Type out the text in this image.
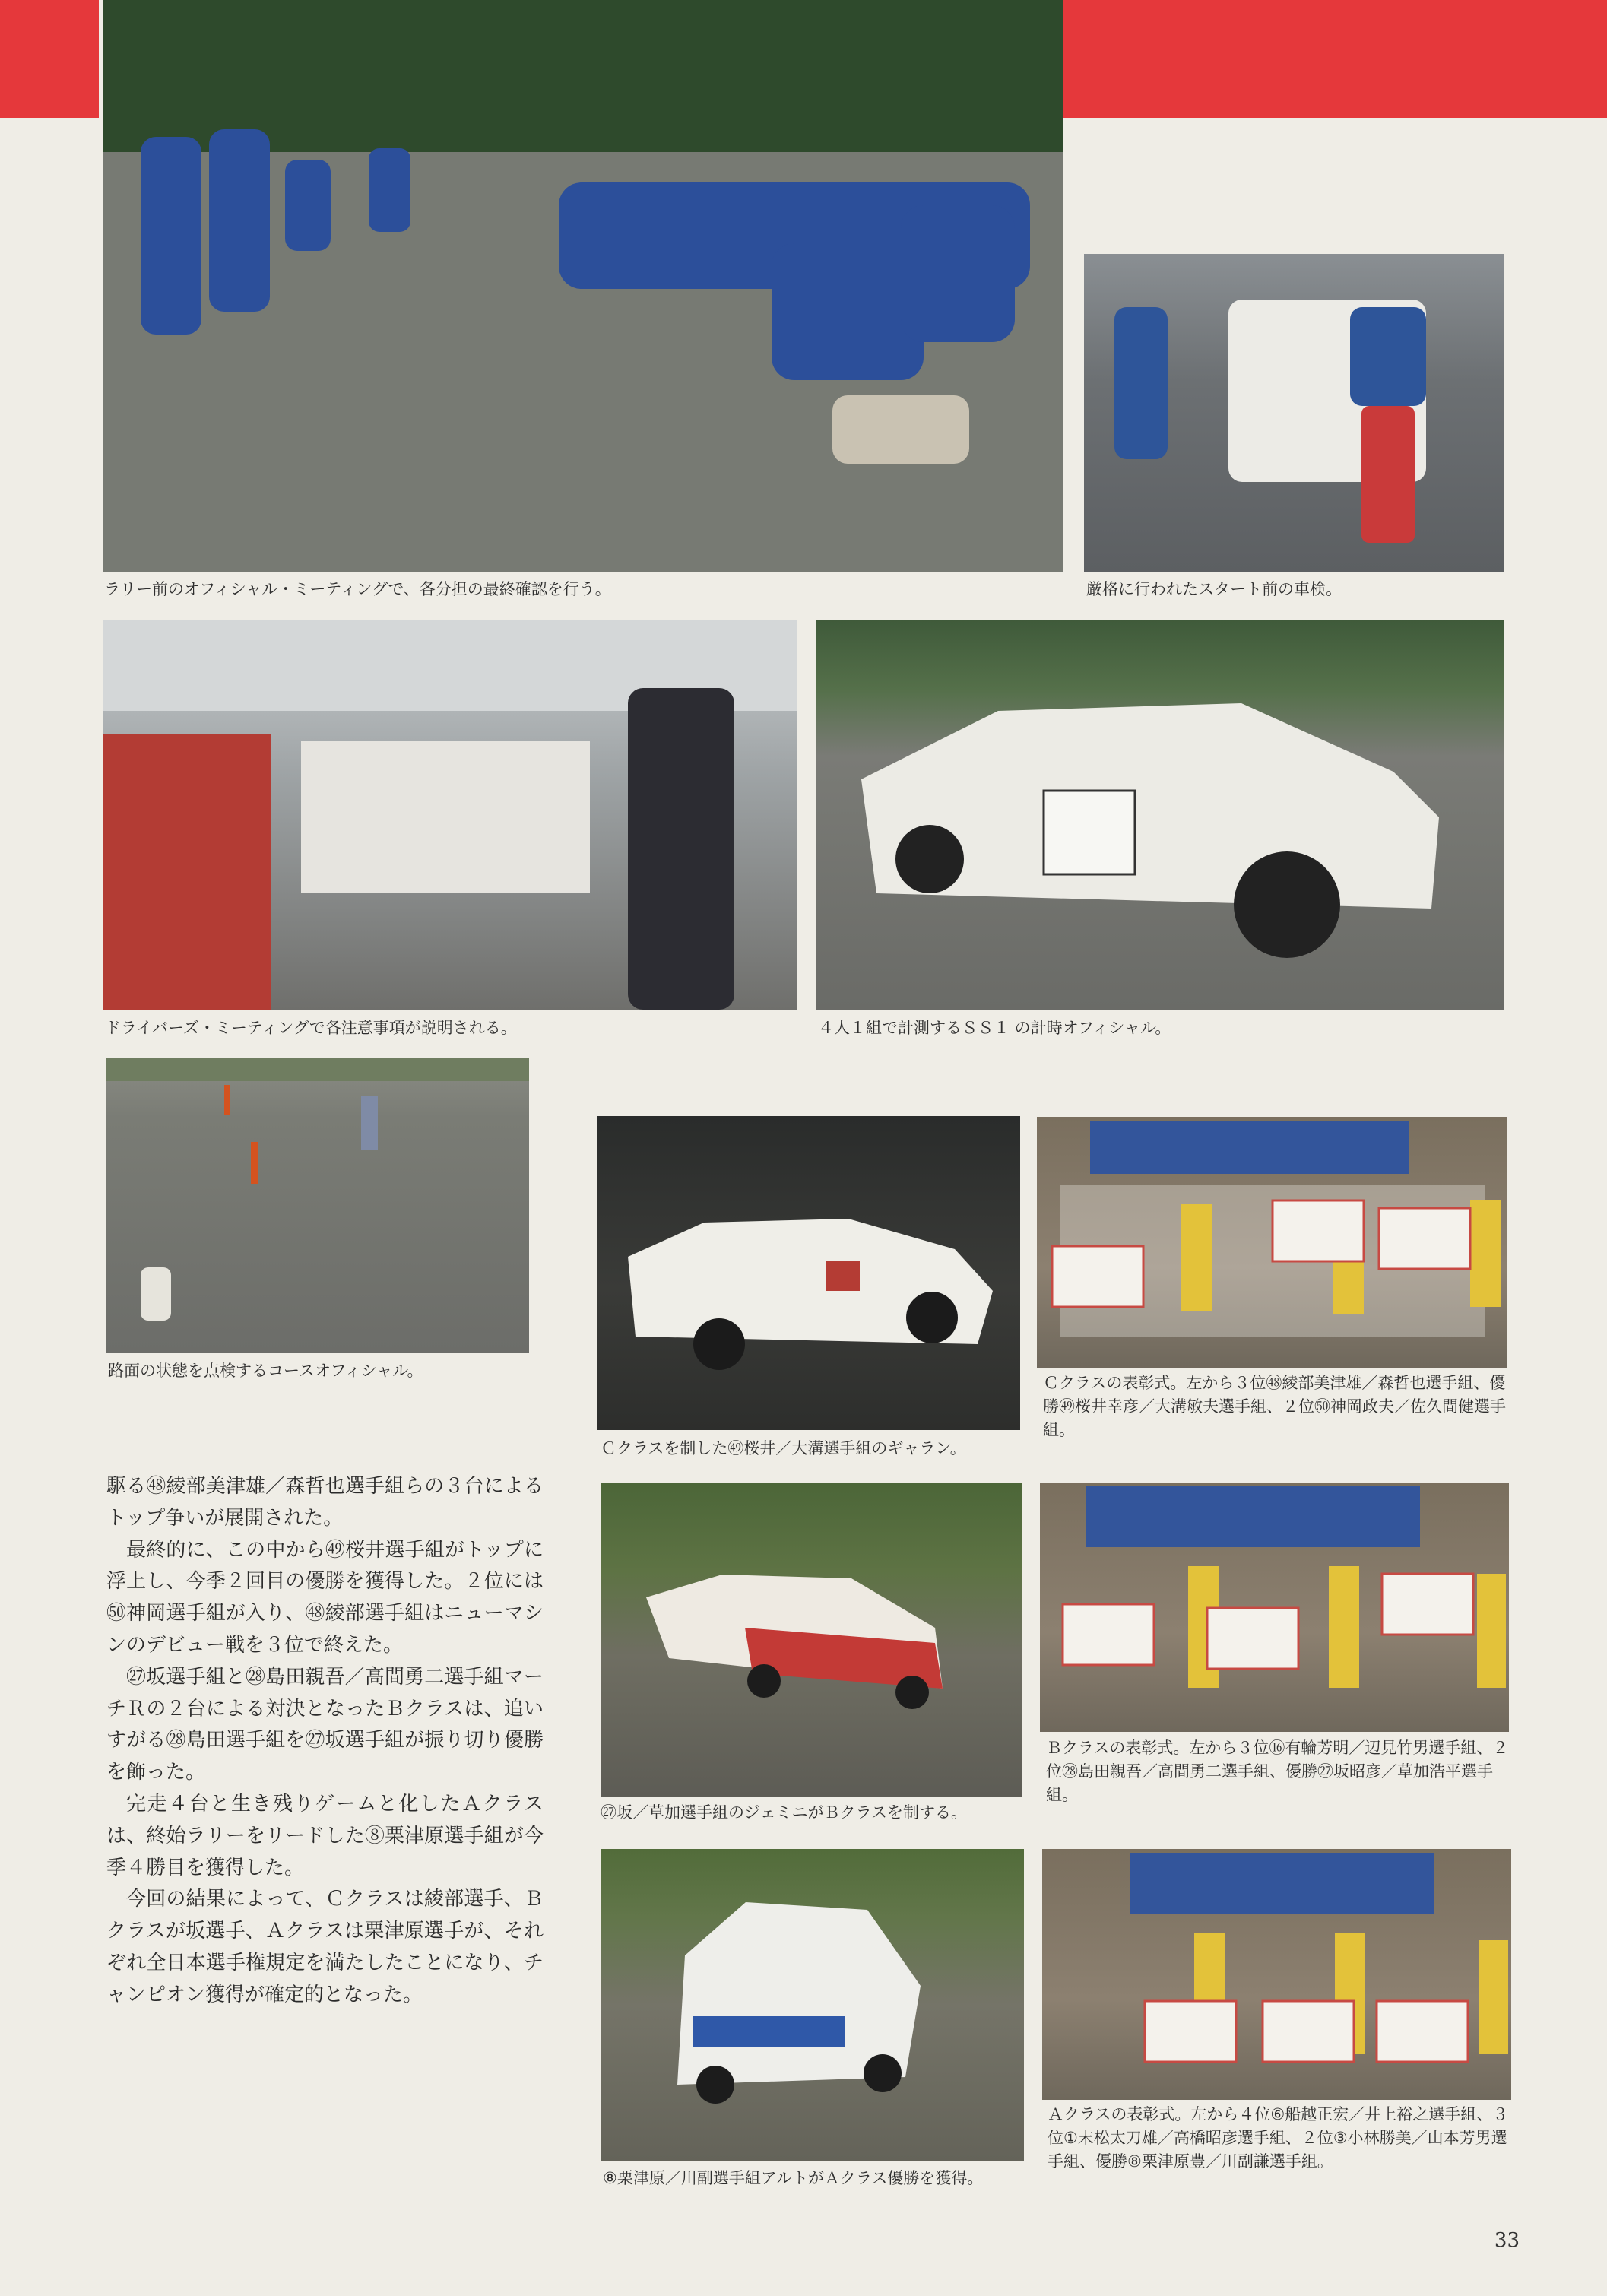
ラリー前のオフィシャル・ミーティングで、各分担の最終確認を行う。	厳格に行われたスタート前の車検。
ドライバーズ・ミーティングで各注意事項が説明される。	４人１組で計測するＳＳ１ の計時オフィシャル。
路面の状態を点検するコースオフィシャル。
Ｃクラスを制した㊾桜井／大溝選手組のギャラン。
Ｃクラスの表彰式。左から３位㊽綾部美津雄／森哲也選手組、優勝㊾桜井幸彦／大溝敏夫選手組、２位㊿神岡政夫／佐久間健選手組。
㉗坂／草加選手組のジェミニがＢクラスを制する。
Ｂクラスの表彰式。左から３位⑯有輪芳明／辺見竹男選手組、２位㉘島田親吾／高間勇二選手組、優勝㉗坂昭彦／草加浩平選手組。
⑧栗津原／川副選手組アルトがＡクラス優勝を獲得。
Ａクラスの表彰式。左から４位⑥船越正宏／井上裕之選手組、３位①末松太刀雄／高橋昭彦選手組、２位③小林勝美／山本芳男選手組、優勝⑧栗津原豊／川副謙選手組。

駆る㊽綾部美津雄／森哲也選手組らの３台によるトップ争いが展開された。

最終的に、この中から㊾桜井選手組がトップに浮上し、今季２回目の優勝を獲得した。２位には㊿神岡選手組が入り、㊽綾部選手組はニューマシンのデビュー戦を３位で終えた。

㉗坂選手組と㉘島田親吾／高間勇二選手組マーチＲの２台による対決となったＢクラスは、追いすがる㉘島田選手組を㉗坂選手組が振り切り優勝を飾った。

完走４台と生き残りゲームと化したＡクラスは、終始ラリーをリードした⑧栗津原選手組が今季４勝目を獲得した。

今回の結果によって、Ｃクラスは綾部選手、Ｂクラスが坂選手、Ａクラスは栗津原選手が、それぞれ全日本選手権規定を満たしたことになり、チャンピオン獲得が確定的となった。

33
